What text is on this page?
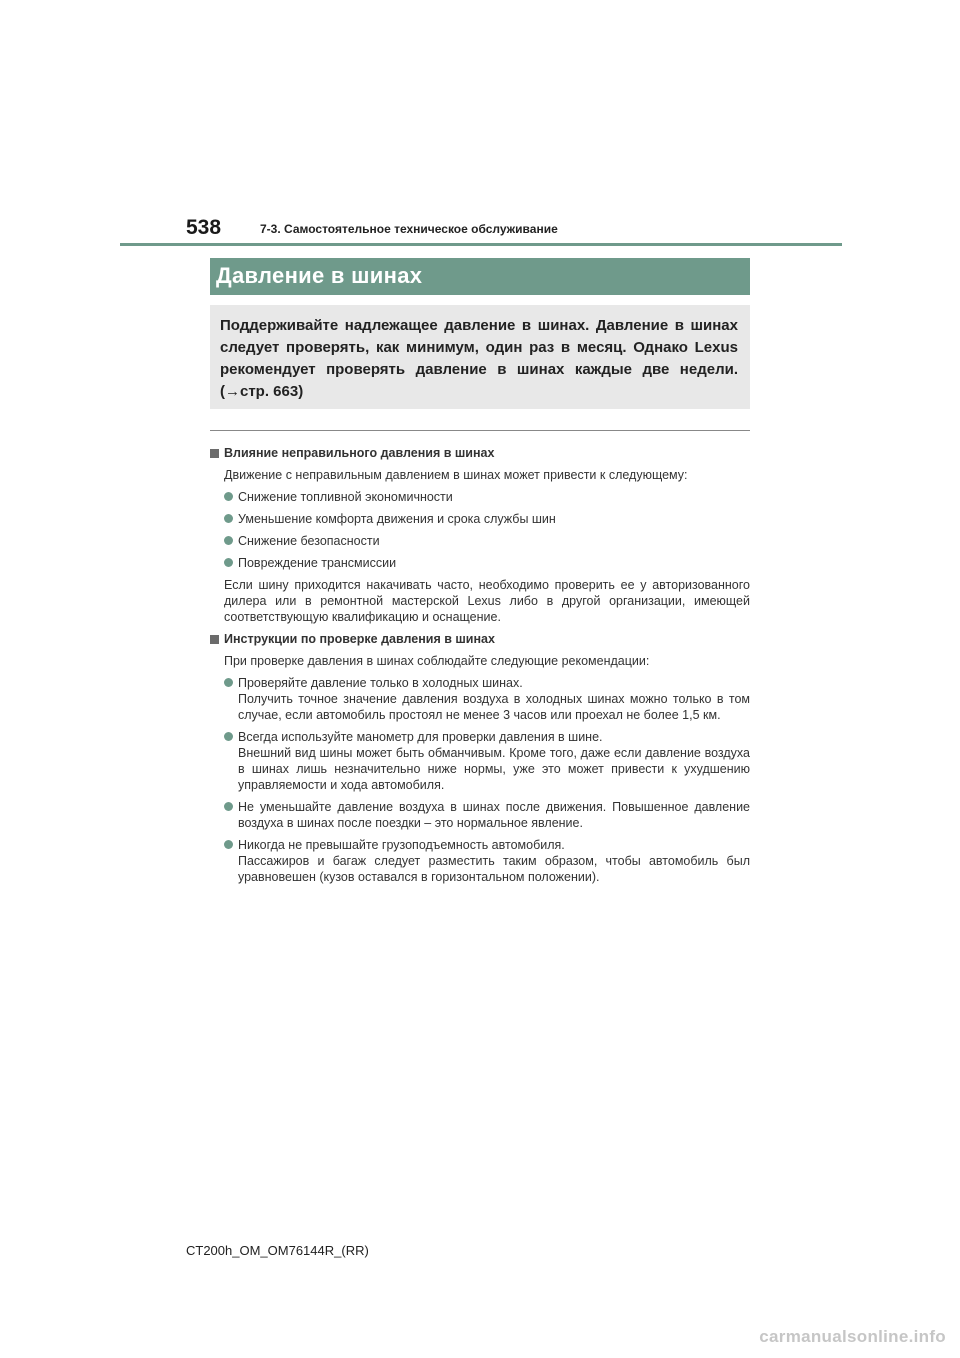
538	7-3. Самостоятельное техническое обслуживание
Давление в шинах
Поддерживайте надлежащее давление в шинах. Давление в шинах следует проверять, как минимум, один раз в месяц. Однако Lexus рекомендует проверять давление в шинах каждые две недели. (→стр. 663)
Влияние неправильного давления в шинах
Движение с неправильным давлением в шинах может привести к следующему:
Снижение топливной экономичности
Уменьшение комфорта движения и срока службы шин
Снижение безопасности
Повреждение трансмиссии
Если шину приходится накачивать часто, необходимо проверить ее у авторизованного дилера или в ремонтной мастерской Lexus либо в другой организации, имеющей соответствующую квалификацию и оснащение.
Инструкции по проверке давления в шинах
При проверке давления в шинах соблюдайте следующие рекомендации:
Проверяйте давление только в холодных шинах.
Получить точное значение давления воздуха в холодных шинах можно только в том случае, если автомобиль простоял не менее 3 часов или проехал не более 1,5 км.
Всегда используйте манометр для проверки давления в шине.
Внешний вид шины может быть обманчивым. Кроме того, даже если давление воздуха в шинах лишь незначительно ниже нормы, уже это может привести к ухудшению управляемости и хода автомобиля.
Не уменьшайте давление воздуха в шинах после движения. Повышенное давление воздуха в шинах после поездки – это нормальное явление.
Никогда не превышайте грузоподъемность автомобиля.
Пассажиров и багаж следует разместить таким образом, чтобы автомобиль был уравновешен (кузов оставался в горизонтальном положении).
CT200h_OM_OM76144R_(RR)
carmanualsonline.info
